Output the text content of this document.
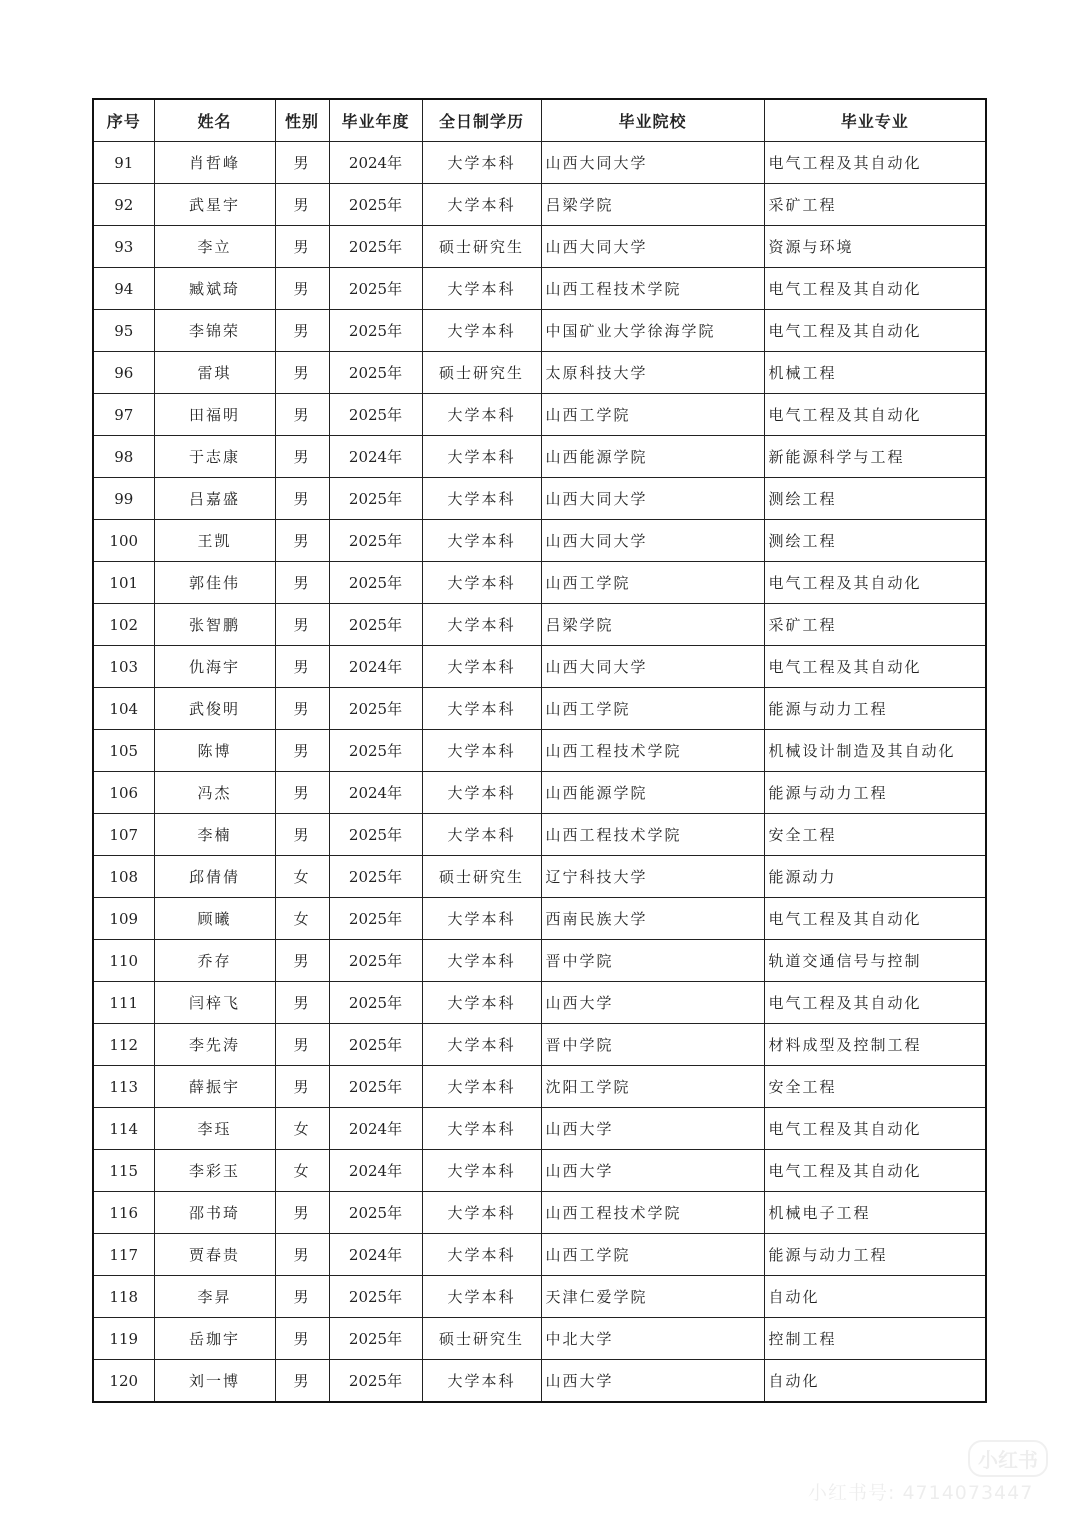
序号	姓名	性别	毕业年度	全日制学历	毕业院校	毕业专业
91	肖哲峰	男	2024年	大学本科	山西大同大学	电气工程及其自动化
92	武星宇	男	2025年	大学本科	吕梁学院	采矿工程
93	李立	男	2025年	硕士研究生	山西大同大学	资源与环境
94	臧斌琦	男	2025年	大学本科	山西工程技术学院	电气工程及其自动化
95	李锦荣	男	2025年	大学本科	中国矿业大学徐海学院	电气工程及其自动化
96	雷琪	男	2025年	硕士研究生	太原科技大学	机械工程
97	田福明	男	2025年	大学本科	山西工学院	电气工程及其自动化
98	于志康	男	2024年	大学本科	山西能源学院	新能源科学与工程
99	吕嘉盛	男	2025年	大学本科	山西大同大学	测绘工程
100	王凯	男	2025年	大学本科	山西大同大学	测绘工程
101	郭佳伟	男	2025年	大学本科	山西工学院	电气工程及其自动化
102	张智鹏	男	2025年	大学本科	吕梁学院	采矿工程
103	仇海宇	男	2024年	大学本科	山西大同大学	电气工程及其自动化
104	武俊明	男	2025年	大学本科	山西工学院	能源与动力工程
105	陈博	男	2025年	大学本科	山西工程技术学院	机械设计制造及其自动化
106	冯杰	男	2024年	大学本科	山西能源学院	能源与动力工程
107	李楠	男	2025年	大学本科	山西工程技术学院	安全工程
108	邱倩倩	女	2025年	硕士研究生	辽宁科技大学	能源动力
109	顾曦	女	2025年	大学本科	西南民族大学	电气工程及其自动化
110	乔存	男	2025年	大学本科	晋中学院	轨道交通信号与控制
111	闫梓飞	男	2025年	大学本科	山西大学	电气工程及其自动化
112	李先涛	男	2025年	大学本科	晋中学院	材料成型及控制工程
113	薛振宇	男	2025年	大学本科	沈阳工学院	安全工程
114	李珏	女	2024年	大学本科	山西大学	电气工程及其自动化
115	李彩玉	女	2024年	大学本科	山西大学	电气工程及其自动化
116	邵书琦	男	2025年	大学本科	山西工程技术学院	机械电子工程
117	贾春贵	男	2024年	大学本科	山西工学院	能源与动力工程
118	李昇	男	2025年	大学本科	天津仁爱学院	自动化
119	岳珈宇	男	2025年	硕士研究生	中北大学	控制工程
120	刘一博	男	2025年	大学本科	山西大学	自动化
小红书
小红书号: 4714073447
